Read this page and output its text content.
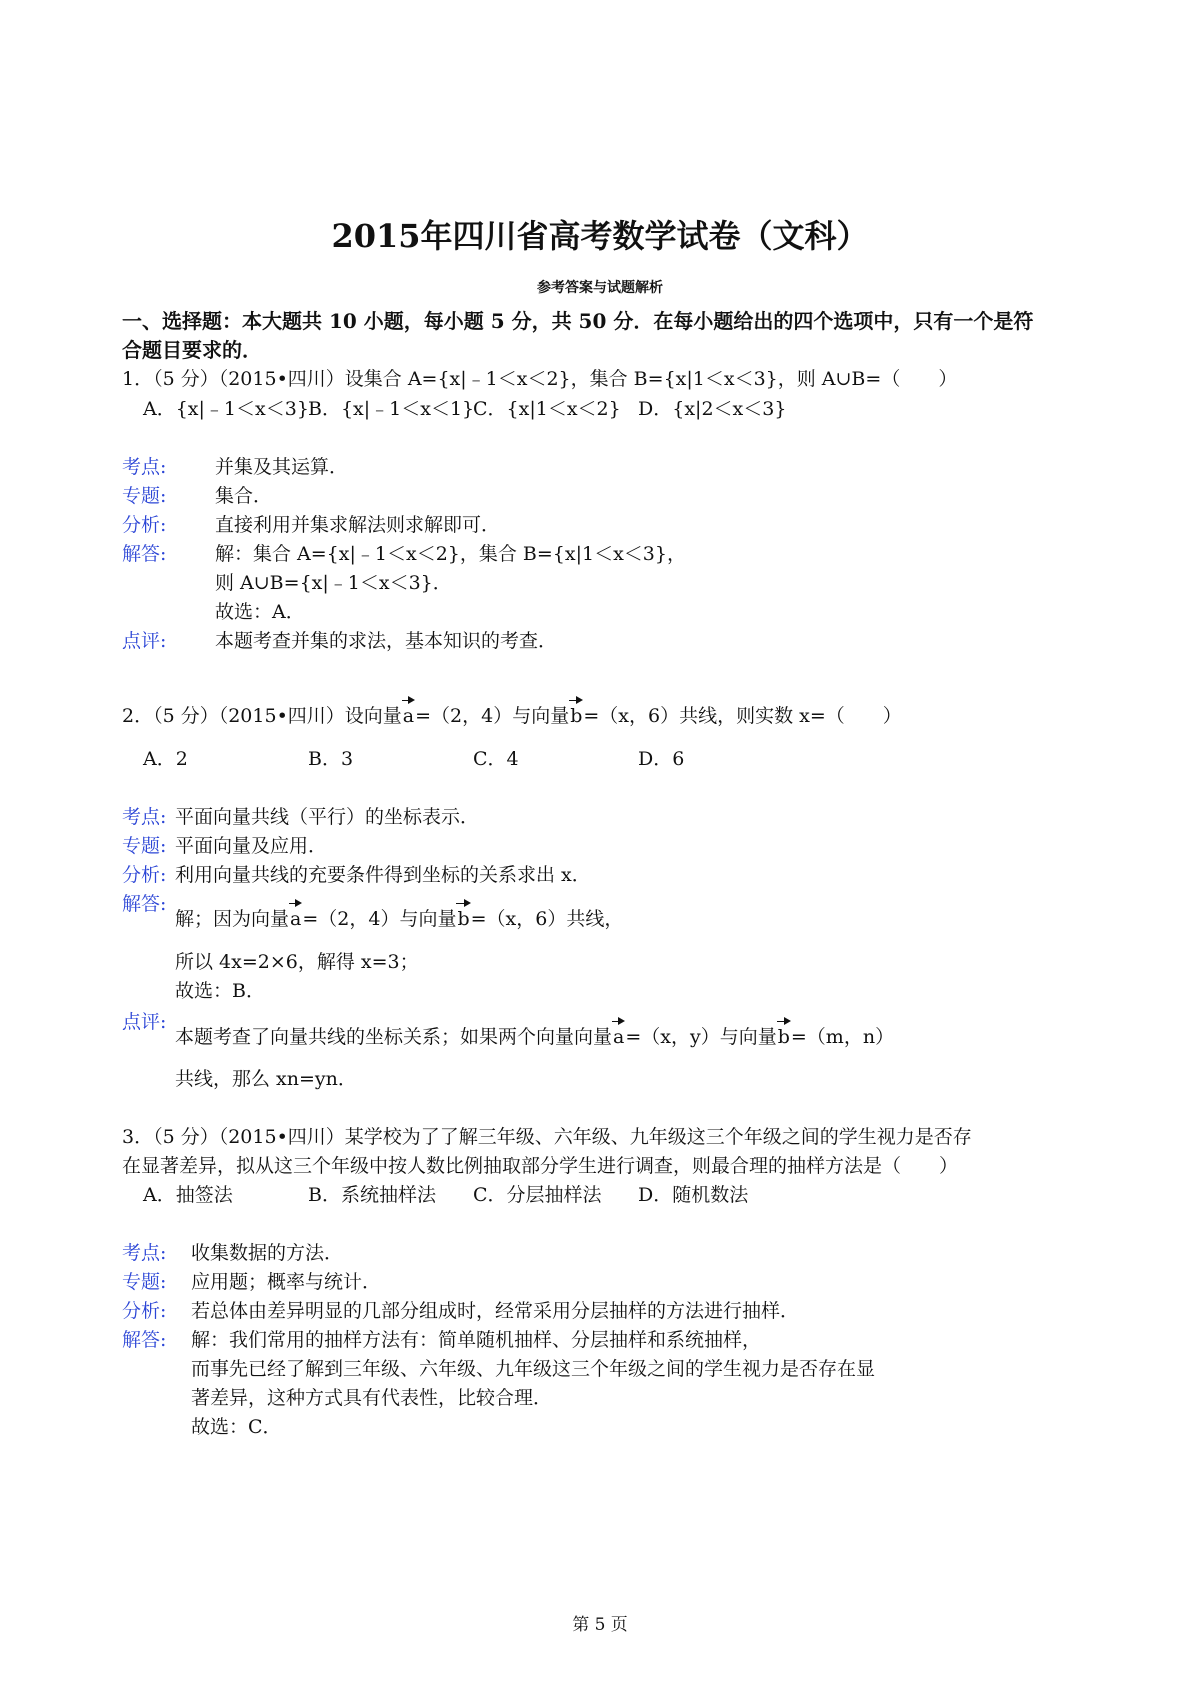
2015年四川省高考数学试卷（文科）
参考答案与试题解析
一、选择题：本大题共 10 小题，每小题 5 分，共 50 分．在每小题给出的四个选项中，只有一个是符
合题目要求的．
1．（5 分）（2015•四川）设集合 A={x|﹣1＜x＜2}，集合 B={x|1＜x＜3}，则 A∪B=（　　）
A．{x|﹣1＜x＜3} B．{x|﹣1＜x＜1}
C．{x|1＜x＜2} D．{x|2＜x＜3}
考点:	并集及其运算．
专题:	集合．
分析:	直接利用并集求解法则求解即可．
解答:	解：集合 A={x|﹣1＜x＜2}，集合 B={x|1＜x＜3}，
则 A∪B={x|﹣1＜x＜3}．
故选：A．
点评:	本题考查并集的求法，基本知识的考查．
2．（5 分）（2015•四川）设向量a=（2，4）与向量b=（x，6）共线，则实数 x=（　　）
A．2	B．3	C．4	D．6
考点: 平面向量共线（平行）的坐标表示．
专题: 平面向量及应用．
分析: 利用向量共线的充要条件得到坐标的关系求出 x．
解答:
解；因为向量a=（2，4）与向量b=（x，6）共线，
所以 4x=2×6，解得 x=3；
故选：B．
点评:
本题考查了向量共线的坐标关系；如果两个向量向量a=（x，y）与向量b=（m，n）
共线，那么 xn=yn．
3．（5 分）（2015•四川）某学校为了了解三年级、六年级、九年级这三个年级之间的学生视力是否存
在显著差异，拟从这三个年级中按人数比例抽取部分学生进行调查，则最合理的抽样方法是（　　）
A．抽签法	B．系统抽样法 C．分层抽样法 D．随机数法
考点: 收集数据的方法．
专题: 应用题；概率与统计．
分析: 若总体由差异明显的几部分组成时，经常采用分层抽样的方法进行抽样．
解答: 解：我们常用的抽样方法有：简单随机抽样、分层抽样和系统抽样，
而事先已经了解到三年级、六年级、九年级这三个年级之间的学生视力是否存在显
著差异，这种方式具有代表性，比较合理．
故选：C．
第 5 页
